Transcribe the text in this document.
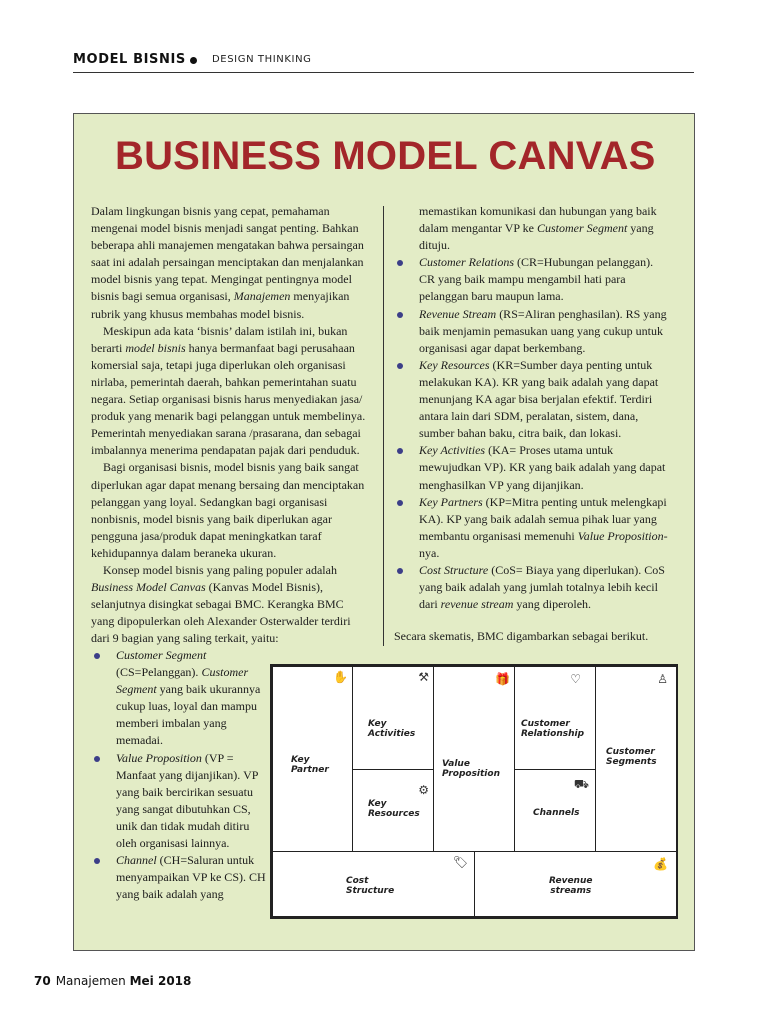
MODEL BISNIS	DESIGN THINKING
BUSINESS MODEL CANVAS

Dalam lingkungan bisnis yang cepat, pemahaman mengenai model bisnis menjadi sangat penting. Bahkan beberapa ahli manajemen mengatakan bahwa persaingan saat ini adalah persaingan menciptakan dan menjalankan model bisnis yang tepat. Mengingat pentingnya model bisnis bagi semua organisasi, Manajemen menyajikan rubrik yang khusus membahas model bisnis.

Meskipun ada kata ‘bisnis’ dalam istilah ini, bukan berarti model bisnis hanya bermanfaat bagi perusahaan komersial saja, tetapi juga diperlukan oleh organisasi nirlaba, pemerintah daerah, bahkan pemerintahan suatu negara. Setiap organisasi bisnis harus menyediakan jasa/ produk yang menarik bagi pelanggan untuk membelinya. Pemerintah menyediakan sarana /prasarana, dan sebagai imbalannya menerima pendapatan pajak dari penduduk.

Bagi organisasi bisnis, model bisnis yang baik sangat diperlukan agar dapat menang bersaing dan menciptakan pelanggan yang loyal. Sedangkan bagi organisasi nonbisnis, model bisnis yang baik diperlukan agar pengguna jasa/produk dapat meningkatkan taraf kehidupannya dalam beraneka ukuran.

Konsep model bisnis yang paling populer adalah Business Model Canvas (Kanvas Model Bisnis), selanjutnya disingkat sebagai BMC. Kerangka BMC yang dipopulerkan oleh Alexander Osterwalder terdiri dari 9 bagian yang saling terkait, yaitu:

memastikan komunikasi dan hubungan yang baik dalam mengantar VP ke Customer Segment yang dituju.

Customer Relations (CR=Hubungan pelanggan). CR yang baik mampu mengambil hati para pelanggan baru maupun lama.
Revenue Stream (RS=Aliran penghasilan). RS yang baik menjamin pemasukan uang yang cukup untuk organisasi agar dapat berkembang.
Key Resources (KR=Sumber daya penting untuk melakukan KA). KR yang baik adalah yang dapat menunjang KA agar bisa berjalan efektif. Terdiri antara lain dari SDM, peralatan, sistem, dana, sumber bahan baku, citra baik, dan lokasi.
Key Activities (KA= Proses utama untuk mewujudkan VP). KR yang baik adalah yang dapat menghasilkan VP yang dijanjikan.
Key Partners (KP=Mitra penting untuk melengkapi KA). KP yang baik adalah semua pihak luar yang membantu organisasi memenuhi Value Proposition-nya.
Cost Structure (CoS= Biaya yang diperlukan). CoS yang baik adalah yang jumlah totalnya lebih kecil dari revenue stream yang diperoleh.
Secara skematis, BMC digambarkan sebagai berikut.
Customer Segment (CS=Pelanggan). Customer Segment yang baik ukurannya cukup luas, loyal dan mampu memberi imbalan yang memadai.
Value Proposition (VP = Manfaat yang dijanjikan). VP yang baik bercirikan sesuatu yang sangat dibutuhkan CS, unik dan tidak mudah ditiru oleh organisasi lainnya.
Channel (CH=Saluran untuk menyampaikan VP ke CS). CH yang baik adalah yang
✋
Key
Partner
⚒
Key
Activities
⚙
Key
Resources
🎁
Value
Proposition
♡
Customer
Relationship
⛟
Channels
♙
Customer
Segments
🏷
Cost
Structure
💰
Revenue
streams
70 Manajemen Mei 2018
